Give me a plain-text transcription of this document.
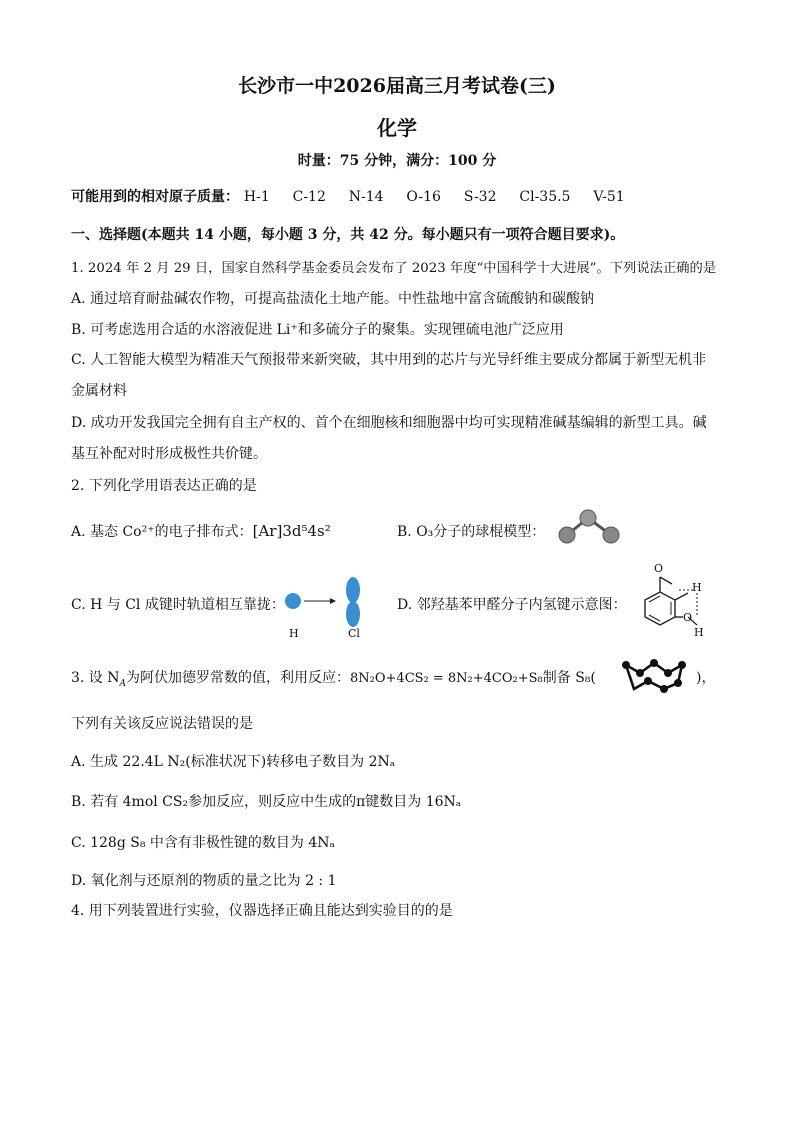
长沙市一中2026届高三月考试卷(三)
化学
时量：75 分钟，满分：100 分
可能用到的相对原子质量： H-1 C-12 N-14 O-16 S-32 Cl-35.5 V-51
一、选择题(本题共 14 小题，每小题 3 分，共 42 分。每小题只有一项符合题目要求)。
1. 2024 年 2 月 29 日，国家自然科学基金委员会发布了 2023 年度“中国科学十大进展”。下列说法正确的是
A. 通过培育耐盐碱农作物，可提高盐渍化土地产能。中性盐地中富含硫酸钠和碳酸钠
B. 可考虑选用合适的水溶液促进 Li⁺和多硫分子的聚集。实现锂硫电池广泛应用
C. 人工智能大模型为精准天气预报带来新突破，其中用到的芯片与光导纤维主要成分都属于新型无机非
金属材料
D. 成功开发我国完全拥有自主产权的、首个在细胞核和细胞器中均可实现精准碱基编辑的新型工具。碱
基互补配对时形成极性共价键。
2. 下列化学用语表达正确的是
A. 基态 Co²⁺的电子排布式：[Ar]3d⁵4s²	B. O₃分子的球棍模型：
C. H 与 Cl 成键时轨道相互靠拢：
H	Cl
D. 邻羟基苯甲醛分子内氢键示意图：
O
H
O
H
3. 设 $N_A$为阿伏加德罗常数的值，利用反应：8N₂O+4CS₂ = 8N₂+4CO₂+S₈制备 S₈(	)，
下列有关该反应说法错误的是
A. 生成 22.4L N₂(标准状况下)转移电子数目为 2Nₐ
B. 若有 4mol CS₂参加反应，则反应中生成的π键数目为 16Nₐ
C. 128g S₈ 中含有非极性键的数目为 4Nₐ
D. 氧化剂与还原剂的物质的量之比为 2 : 1
4. 用下列装置进行实验，仪器选择正确且能达到实验目的的是
